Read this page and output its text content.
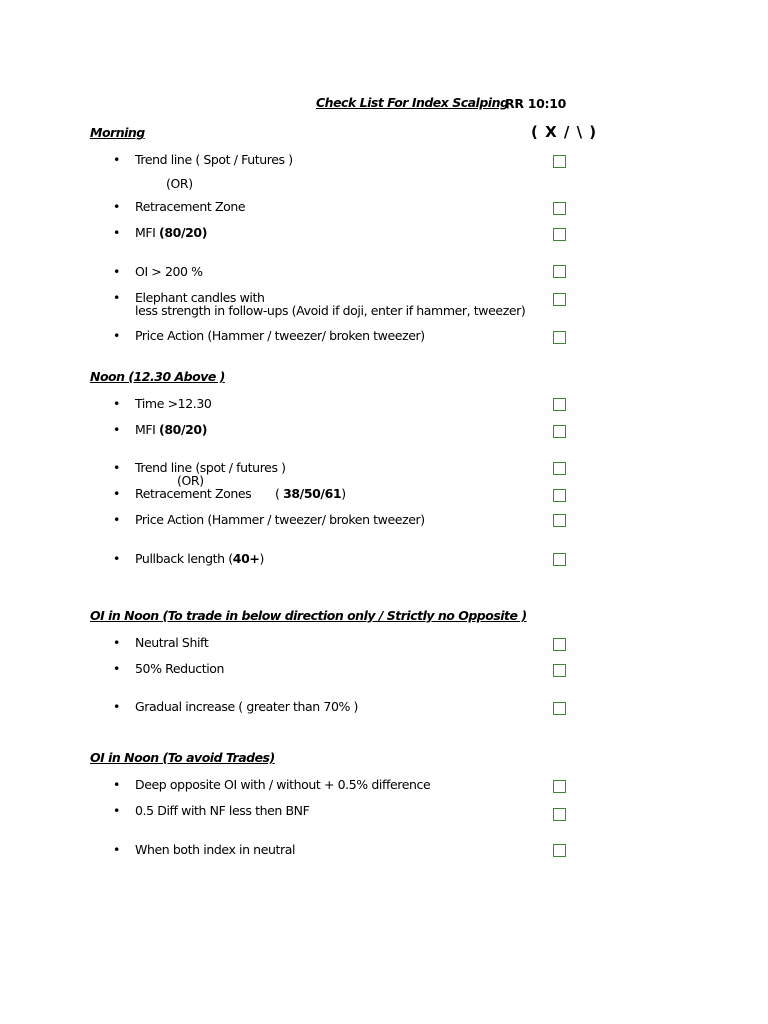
Check List For Index Scalping
RR 10:10
( X / \ )
Morning
• Trend line ( Spot / Futures )
(OR)
• Retracement Zone
• MFI (80/20)
• OI > 200 %
• Elephant candles with
less strength in follow-ups (Avoid if doji, enter if hammer, tweezer)
• Price Action (Hammer / tweezer/ broken tweezer)
Noon (12.30 Above )
• Time >12.30
• MFI (80/20)
• Trend line (spot / futures )
(OR)
• Retracement Zones ( 38/50/61)
• Price Action (Hammer / tweezer/ broken tweezer)
• Pullback length (40+)
OI in Noon (To trade in below direction only / Strictly no Opposite )
• Neutral Shift
• 50% Reduction
• Gradual increase ( greater than 70% )
OI in Noon (To avoid Trades)
• Deep opposite OI with / without + 0.5% difference
• 0.5 Diff with NF less then BNF
• When both index in neutral
